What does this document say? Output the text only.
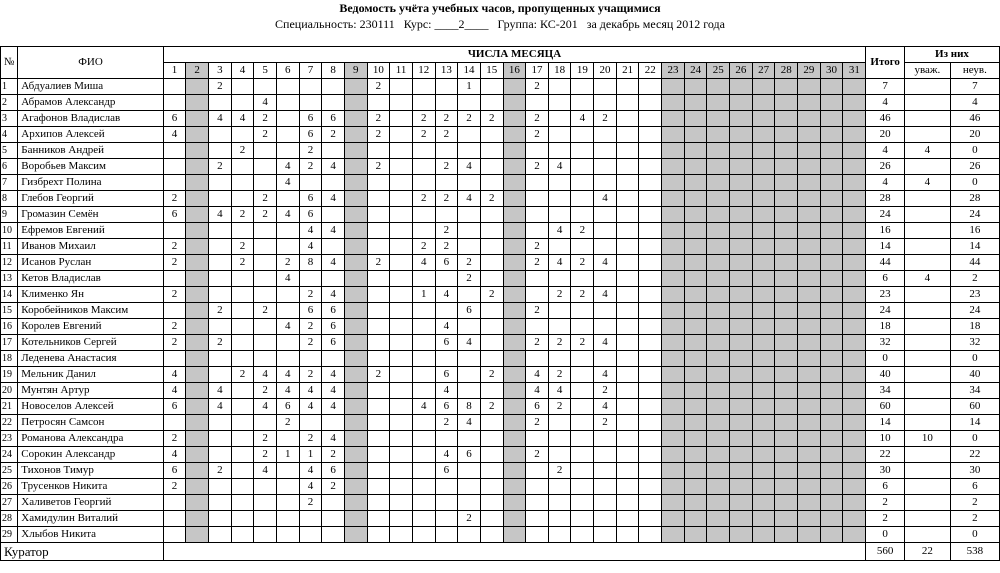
Ведомость учёта учебных часов, пропущенных учащимися
Специальность: 230111   Курс: ____2____   Группа: КС-201   за декабрь месяц 2012 года
№	ФИО	ЧИСЛА МЕСЯЦА																															Итого	Из них	
		1	2	3	4	5	6	7	8	9	10	11	12	13	14	15	16	17	18	19	20	21	22	23	24	25	26	27	28	29	30	31		уваж.	неув.
1	Абдуалиев Миша			2							2				1			2															7		7
2	Абрамов Александр					4																											4		4
3	Агафонов Владислав	6		4	4	2		6	6		2		2	2	2	2		2		4	2												46		46
4	Архипов Алексей	4				2		6	2		2		2	2				2															20		20
5	Банников Андрей				2			2																									4	4	0
6	Воробьев Максим			2			4	2	4		2			2	4			2	4														26		26
7	Гизбрехт Полина						4																										4	4	0
8	Глебов Георгий	2				2		6	4				2	2	4	2					4												28		28
9	Громазин Семён	6		4	2	2	4	6																									24		24
10	Ефремов Евгений							4	4					2					4	2													16		16
11	Иванов Михаил	2			2			4					2	2				2															14		14
12	Исанов Руслан	2			2		2	8	4		2		4	6	2			2	4	2	4												44		44
13	Кетов Владислав						4								2																		6	4	2
14	Клименко Ян	2						2	4				1	4		2			2	2	4												23		23
15	Коробейников Максим			2		2		6	6						6			2															24		24
16	Королев Евгений	2					4	2	6					4																			18		18
17	Котельников Сергей	2		2				2	6					6	4			2	2	2	4												32		32
18	Леденева Анастасия																																0		0
19	Мельник Данил	4			2	4	4	2	4		2			6		2		4	2		4												40		40
20	Мунтян Артур	4		4		2	4	4	4					4				4	4		2												34		34
21	Новоселов Алексей	6		4		4	6	4	4				4	6	8	2		6	2		4												60		60
22	Петросян Самсон						2							2	4			2			2												14		14
23	Романова Александра	2				2		2	4																								10	10	0
24	Сорокин Александр	4				2	1	1	2					4	6			2															22		22
25	Тихонов Тимур	6		2		4		4	6					6					2														30		30
26	Трусенков Никита	2						4	2																								6		6
27	Халиветов Георгий							2																									2		2
28	Хамидулин Виталий														2																		2		2
29	Хлыбов Никита																																0		0
Куратор																																	560	22	538
